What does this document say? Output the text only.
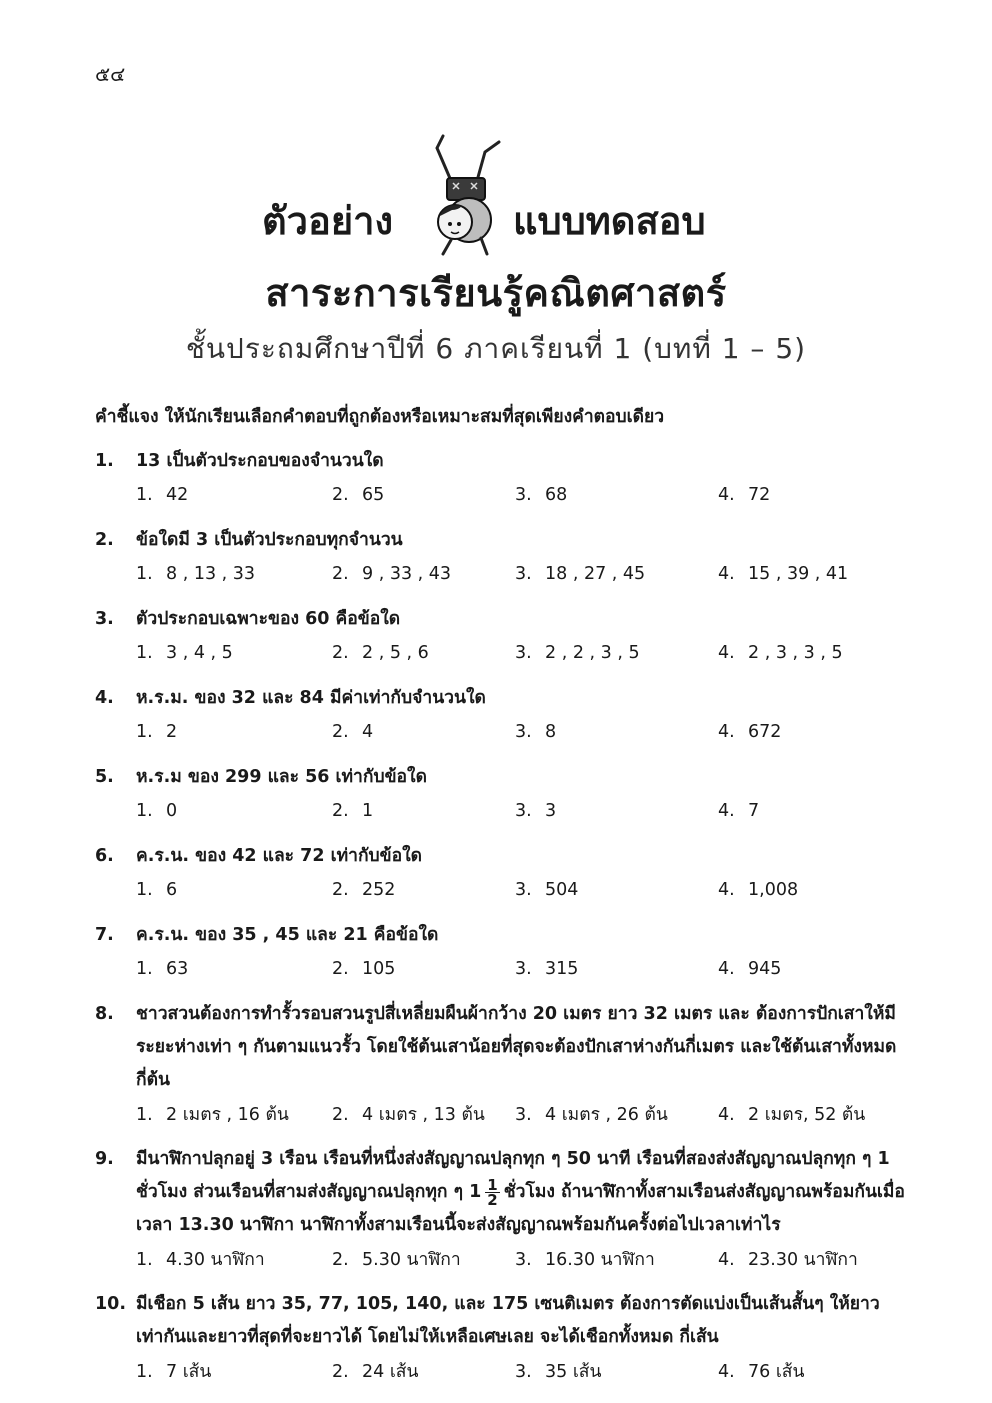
๕๔
ตัวอย่าง	แบบทดสอบ
สาระการเรียนรู้คณิตศาสตร์
ชั้นประถมศึกษาปีที่ 6 ภาคเรียนที่ 1 (บทที่ 1 – 5)
คำชี้แจง ให้นักเรียนเลือกคำตอบที่ถูกต้องหรือเหมาะสมที่สุดเพียงคำตอบเดียว
1.	13 เป็นตัวประกอบของจำนวนใด
1. 42	2. 65	3. 68	4. 72
2.	ข้อใดมี 3 เป็นตัวประกอบทุกจำนวน
1. 8 , 13 , 33	2. 9 , 33 , 43	3. 18 , 27 , 45	4. 15 , 39 , 41
3.	ตัวประกอบเฉพาะของ 60 คือข้อใด
1. 3 , 4 , 5	2. 2 , 5 , 6	3. 2 , 2 , 3 , 5	4. 2 , 3 , 3 , 5
4.	ห.ร.ม. ของ 32 และ 84 มีค่าเท่ากับจำนวนใด
1. 2	2. 4	3. 8	4. 672
5.	ห.ร.ม ของ 299 และ 56 เท่ากับข้อใด
1. 0	2. 1	3. 3	4. 7
6.	ค.ร.น. ของ 42 และ 72 เท่ากับข้อใด
1. 6	2. 252	3. 504	4. 1,008
7.	ค.ร.น. ของ 35 , 45 และ 21 คือข้อใด
1. 63	2. 105	3. 315	4. 945
8.	ชาวสวนต้องการทำรั้วรอบสวนรูปสี่เหลี่ยมผืนผ้ากว้าง 20 เมตร ยาว 32 เมตร และ ต้องการปักเสาให้มีระยะห่างเท่า ๆ กันตามแนวรั้ว โดยใช้ต้นเสาน้อยที่สุดจะต้องปักเสาห่างกันกี่เมตร และใช้ต้นเสาทั้งหมดกี่ต้น
1. 2 เมตร , 16 ต้น	2. 4 เมตร , 13 ต้น	3. 4 เมตร , 26 ต้น	4. 2 เมตร, 52 ต้น
9.	มีนาฬิกาปลุกอยู่ 3 เรือน เรือนที่หนึ่งส่งสัญญาณปลุกทุก ๆ 50 นาที เรือนที่สองส่งสัญญาณปลุกทุก ๆ 1 ชั่วโมง ส่วนเรือนที่สามส่งสัญญาณปลุกทุก ๆ $1 \frac{1}{2}$ ชั่วโมง ถ้านาฬิกาทั้งสามเรือนส่งสัญญาณพร้อมกันเมื่อเวลา 13.30 นาฬิกา นาฬิกาทั้งสามเรือนนี้จะส่งสัญญาณพร้อมกันครั้งต่อไปเวลาเท่าไร
1. 4.30 นาฬิกา	2. 5.30 นาฬิกา	3. 16.30 นาฬิกา	4. 23.30 นาฬิกา
10. มีเชือก 5 เส้น ยาว 35, 77, 105, 140, และ 175 เซนติเมตร ต้องการตัดแบ่งเป็นเส้นสั้นๆ ให้ยาวเท่ากันและยาวที่สุดที่จะยาวได้ โดยไม่ให้เหลือเศษเลย จะได้เชือกทั้งหมด กี่เส้น
1. 7 เส้น	2. 24 เส้น	3. 35 เส้น	4. 76 เส้น
